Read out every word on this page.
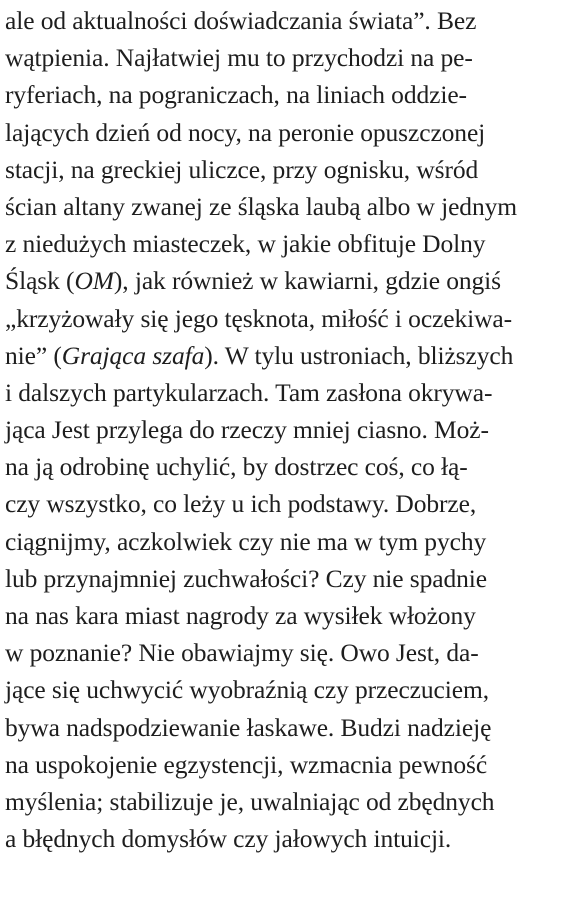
ale od aktualności doświadczania świata”. Bez
wątpienia. Najłatwiej mu to przychodzi na pe-
ryferiach, na pograniczach, na liniach oddzie-
lających dzień od nocy, na peronie opuszczonej
stacji, na greckiej uliczce, przy ognisku, wśród
ścian altany zwanej ze śląska laubą albo w jednym
z niedużych miasteczek, w jakie obfituje Dolny
Śląsk (OM), jak również w kawiarni, gdzie ongiś
„krzyżowały się jego tęsknota, miłość i oczekiwa-
nie” (Grająca szafa). W tylu ustroniach, bliższych
i dalszych partykularzach. Tam zasłona okrywa-
jąca Jest przylega do rzeczy mniej ciasno. Moż-
na ją odrobinę uchylić, by dostrzec coś, co łą-
czy wszystko, co leży u ich podstawy. Dobrze,
ciągnijmy, aczkolwiek czy nie ma w tym pychy
lub przynajmniej zuchwałości? Czy nie spadnie
na nas kara miast nagrody za wysiłek włożony
w poznanie? Nie obawiajmy się. Owo Jest, da-
jące się uchwycić wyobraźnią czy przeczuciem,
bywa nadspodziewanie łaskawe. Budzi nadzieję
na uspokojenie egzystencji, wzmacnia pewność
myślenia; stabilizuje je, uwalniając od zbędnych
a błędnych domysłów czy jałowych intuicji.
